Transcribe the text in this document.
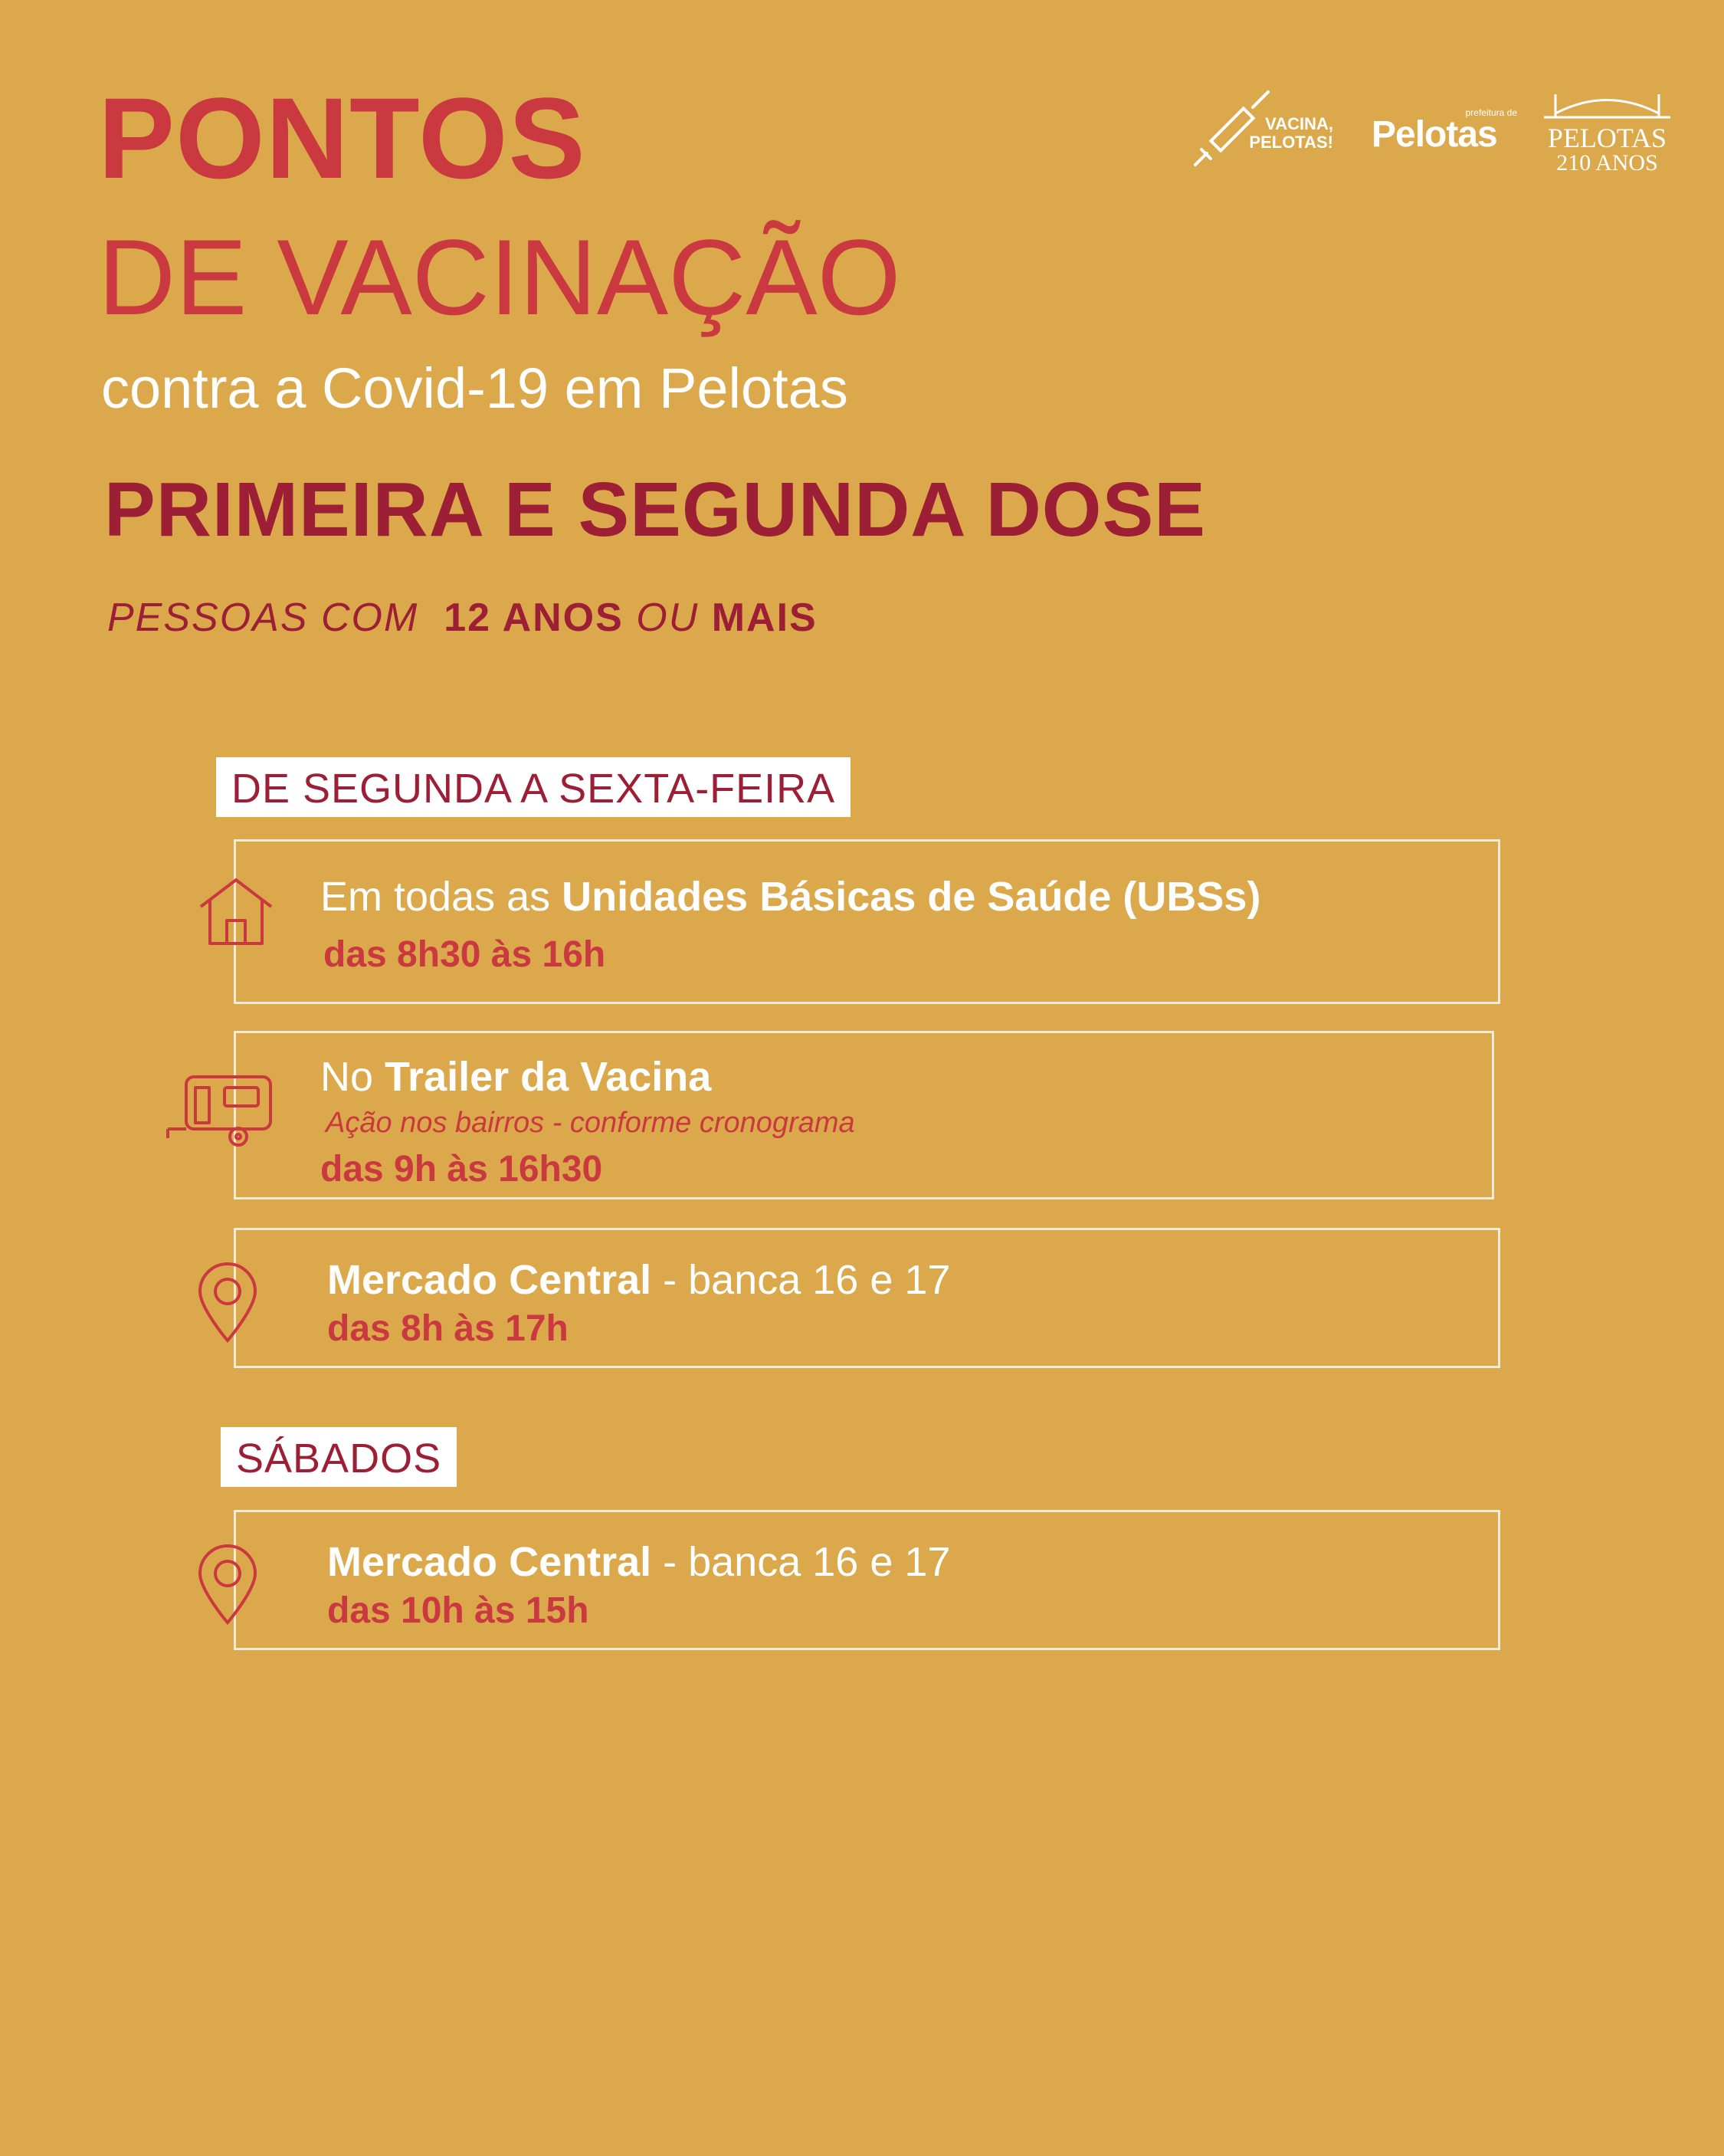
PONTOS
DE VACINAÇÃO
contra a Covid-19 em Pelotas
PRIMEIRA E SEGUNDA DOSE
PESSOAS COM 12 ANOS OU MAIS
VACINA,
PELOTAS!
prefeitura de
Pelotas PELOTAS
210 ANOS
DE SEGUNDA A SEXTA-FEIRA
Em todas as Unidades Básicas de Saúde (UBSs)
das 8h30 às 16h
No Trailer da Vacina
Ação nos bairros - conforme cronograma
das 9h às 16h30
Mercado Central - banca 16 e 17
das 8h às 17h
SÁBADOS
Mercado Central - banca 16 e 17
das 10h às 15h
